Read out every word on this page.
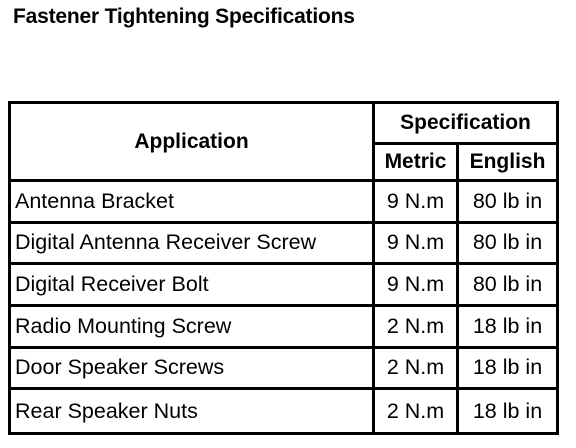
Fastener Tightening Specifications
Application	Specification	
	Metric	English
Antenna Bracket	9 N.m	80 lb in
Digital Antenna Receiver Screw	9 N.m	80 lb in
Digital Receiver Bolt	9 N.m	80 lb in
Radio Mounting Screw	2 N.m	18 lb in
Door Speaker Screws	2 N.m	18 lb in
Rear Speaker Nuts	2 N.m	18 lb in
